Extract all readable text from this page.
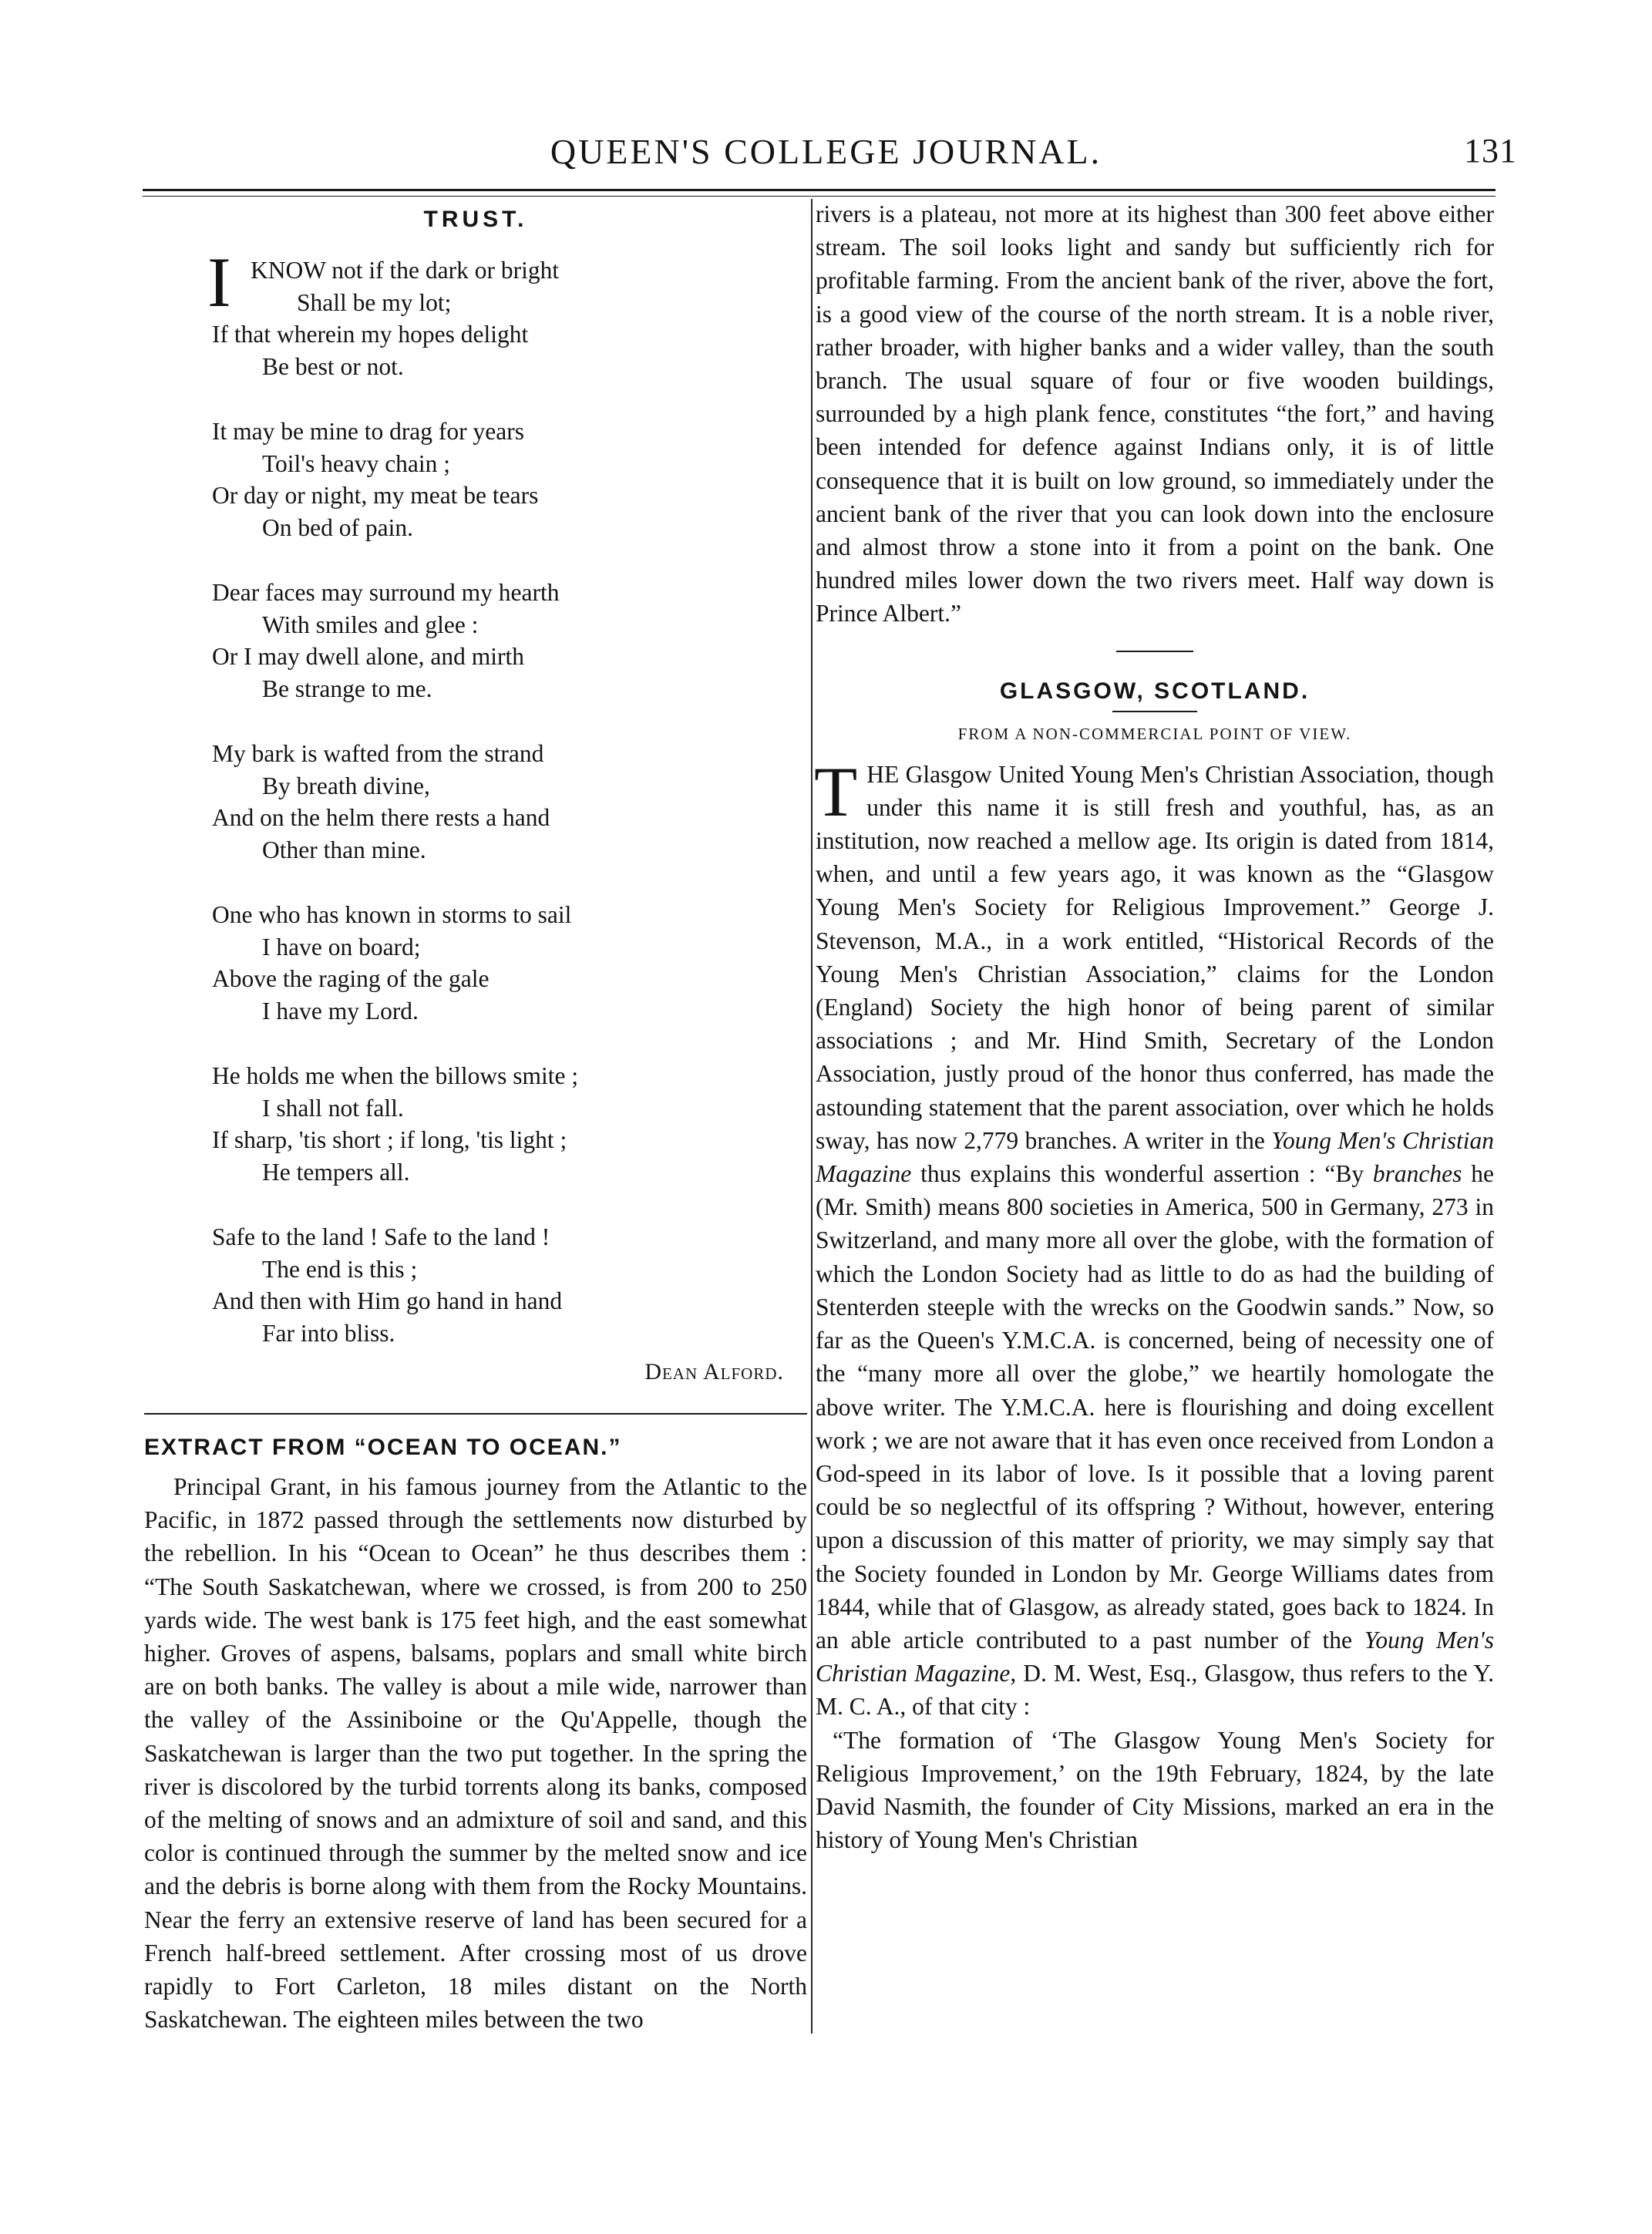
QUEEN'S COLLEGE JOURNAL.	131
TRUST.
I KNOW not if the dark or bright
Shall be my lot;
If that wherein my hopes delight
Be best or not.
It may be mine to drag for years
Toil's heavy chain ;
Or day or night, my meat be tears
On bed of pain.
Dear faces may surround my hearth
With smiles and glee :
Or I may dwell alone, and mirth
Be strange to me.
My bark is wafted from the strand
By breath divine,
And on the helm there rests a hand
Other than mine.
One who has known in storms to sail
I have on board;
Above the raging of the gale
I have my Lord.
He holds me when the billows smite ;
I shall not fall.
If sharp, 'tis short ; if long, 'tis light ;
He tempers all.
Safe to the land ! Safe to the land !
The end is this ;
And then with Him go hand in hand
Far into bliss.
Dean Alford.
EXTRACT FROM “OCEAN TO OCEAN.”

Principal Grant, in his famous journey from the Atlantic to the Pacific, in 1872 passed through the settlements now disturbed by the rebellion. In his “Ocean to Ocean” he thus describes them : “The South Saskatchewan, where we crossed, is from 200 to 250 yards wide. The west bank is 175 feet high, and the east somewhat higher. Groves of aspens, balsams, poplars and small white birch are on both banks. The valley is about a mile wide, narrower than the valley of the Assiniboine or the Qu'Appelle, though the Saskatchewan is larger than the two put together. In the spring the river is discolored by the turbid torrents along its banks, composed of the melting of snows and an admixture of soil and sand, and this color is continued through the summer by the melted snow and ice and the debris is borne along with them from the Rocky Mountains. Near the ferry an extensive reserve of land has been secured for a French half-breed settlement. After crossing most of us drove rapidly to Fort Carleton, 18 miles distant on the North Saskatchewan. The eighteen miles between the two

rivers is a plateau, not more at its highest than 300 feet above either stream. The soil looks light and sandy but sufficiently rich for profitable farming. From the ancient bank of the river, above the fort, is a good view of the course of the north stream. It is a noble river, rather broader, with higher banks and a wider valley, than the south branch. The usual square of four or five wooden buildings, surrounded by a high plank fence, constitutes “the fort,” and having been intended for defence against Indians only, it is of little consequence that it is built on low ground, so immediately under the ancient bank of the river that you can look down into the enclosure and almost throw a stone into it from a point on the bank. One hundred miles lower down the two rivers meet. Half way down is Prince Albert.”

GLASGOW, SCOTLAND.
FROM A NON-COMMERCIAL POINT OF VIEW.

THE Glasgow United Young Men's Christian Association, though under this name it is still fresh and youthful, has, as an institution, now reached a mellow age. Its origin is dated from 1814, when, and until a few years ago, it was known as the “Glasgow Young Men's Society for Religious Improvement.” George J. Stevenson, M.A., in a work entitled, “Historical Records of the Young Men's Christian Association,” claims for the London (England) Society the high honor of being parent of similar associations ; and Mr. Hind Smith, Secretary of the London Association, justly proud of the honor thus conferred, has made the astounding statement that the parent association, over which he holds sway, has now 2,779 branches. A writer in the Young Men's Christian Magazine thus explains this wonderful assertion : “By branches he (Mr. Smith) means 800 societies in America, 500 in Germany, 273 in Switzerland, and many more all over the globe, with the formation of which the London Society had as little to do as had the building of Stenterden steeple with the wrecks on the Goodwin sands.” Now, so far as the Queen's Y.M.C.A. is concerned, being of necessity one of the “many more all over the globe,” we heartily homologate the above writer. The Y.M.C.A. here is flourishing and doing excellent work ; we are not aware that it has even once received from London a God-speed in its labor of love. Is it possible that a loving parent could be so neglectful of its offspring ? Without, however, entering upon a discussion of this matter of priority, we may simply say that the Society founded in London by Mr. George Williams dates from 1844, while that of Glasgow, as already stated, goes back to 1824. In an able article contributed to a past number of the Young Men's Christian Magazine, D. M. West, Esq., Glasgow, thus refers to the Y. M. C. A., of that city :

“The formation of ‘The Glasgow Young Men's Society for Religious Improvement,’ on the 19th February, 1824, by the late David Nasmith, the founder of City Missions, marked an era in the history of Young Men's Christian
